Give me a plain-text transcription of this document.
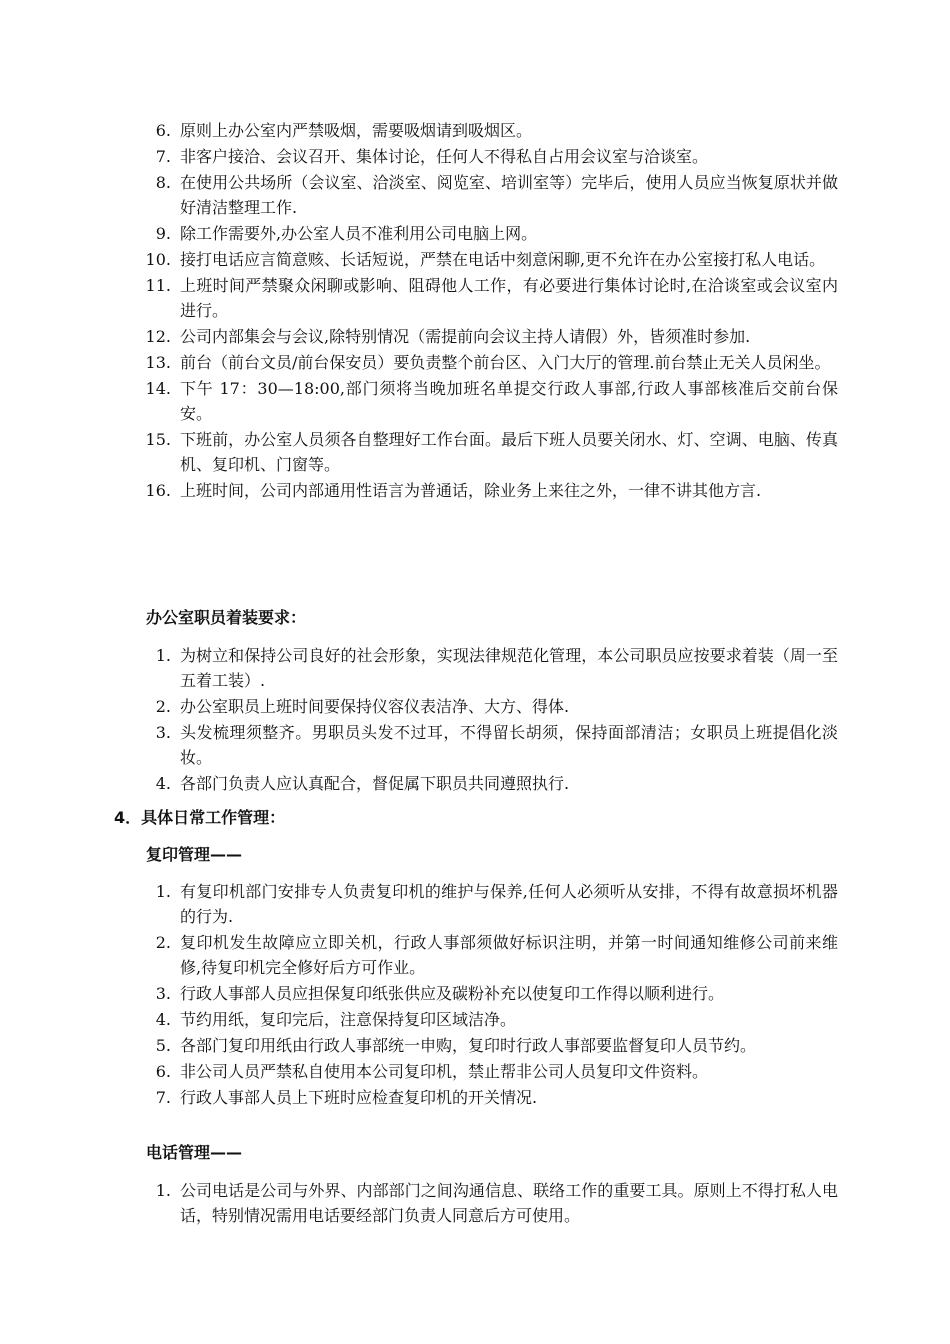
6. 原则上办公室内严禁吸烟，需要吸烟请到吸烟区。
7. 非客户接洽、会议召开、集体讨论，任何人不得私自占用会议室与洽谈室。
8. 在使用公共场所（会议室、洽淡室、阅览室、培训室等）完毕后，使用人员应当恢复原状并做好清洁整理工作.
9. 除工作需要外,办公室人员不准利用公司电脑上网。
10. 接打电话应言简意赅、长话短说，严禁在电话中刻意闲聊,更不允许在办公室接打私人电话。
11. 上班时间严禁聚众闲聊或影响、阻碍他人工作，有必要进行集体讨论时,在洽谈室或会议室内进行。
12. 公司内部集会与会议,除特别情况（需提前向会议主持人请假）外，皆须准时参加.
13. 前台（前台文员/前台保安员）要负责整个前台区、入门大厅的管理.前台禁止无关人员闲坐。
14. 下午 17：30—18:00,部门须将当晚加班名单提交行政人事部,行政人事部核准后交前台保安。
15. 下班前，办公室人员须各自整理好工作台面。最后下班人员要关闭水、灯、空调、电脑、传真机、复印机、门窗等。
16. 上班时间，公司内部通用性语言为普通话，除业务上来往之外，一律不讲其他方言.
办公室职员着装要求：
1. 为树立和保持公司良好的社会形象，实现法律规范化管理，本公司职员应按要求着装（周一至五着工装）.
2. 办公室职员上班时间要保持仪容仪表洁净、大方、得体.
3. 头发梳理须整齐。男职员头发不过耳，不得留长胡须，保持面部清洁；女职员上班提倡化淡妆。
4. 各部门负责人应认真配合，督促属下职员共同遵照执行.
4．具体日常工作管理：
复印管理——
1. 有复印机部门安排专人负责复印机的维护与保养,任何人必须听从安排，不得有故意损坏机器的行为.
2. 复印机发生故障应立即关机，行政人事部须做好标识注明，并第一时间通知维修公司前来维修,待复印机完全修好后方可作业。
3. 行政人事部人员应担保复印纸张供应及碳粉补充以使复印工作得以顺利进行。
4. 节约用纸，复印完后，注意保持复印区域洁净。
5. 各部门复印用纸由行政人事部统一申购，复印时行政人事部要监督复印人员节约。
6. 非公司人员严禁私自使用本公司复印机，禁止帮非公司人员复印文件资料。
7. 行政人事部人员上下班时应检查复印机的开关情况.
电话管理——
1. 公司电话是公司与外界、内部部门之间沟通信息、联络工作的重要工具。原则上不得打私人电话，特别情况需用电话要经部门负责人同意后方可使用。
